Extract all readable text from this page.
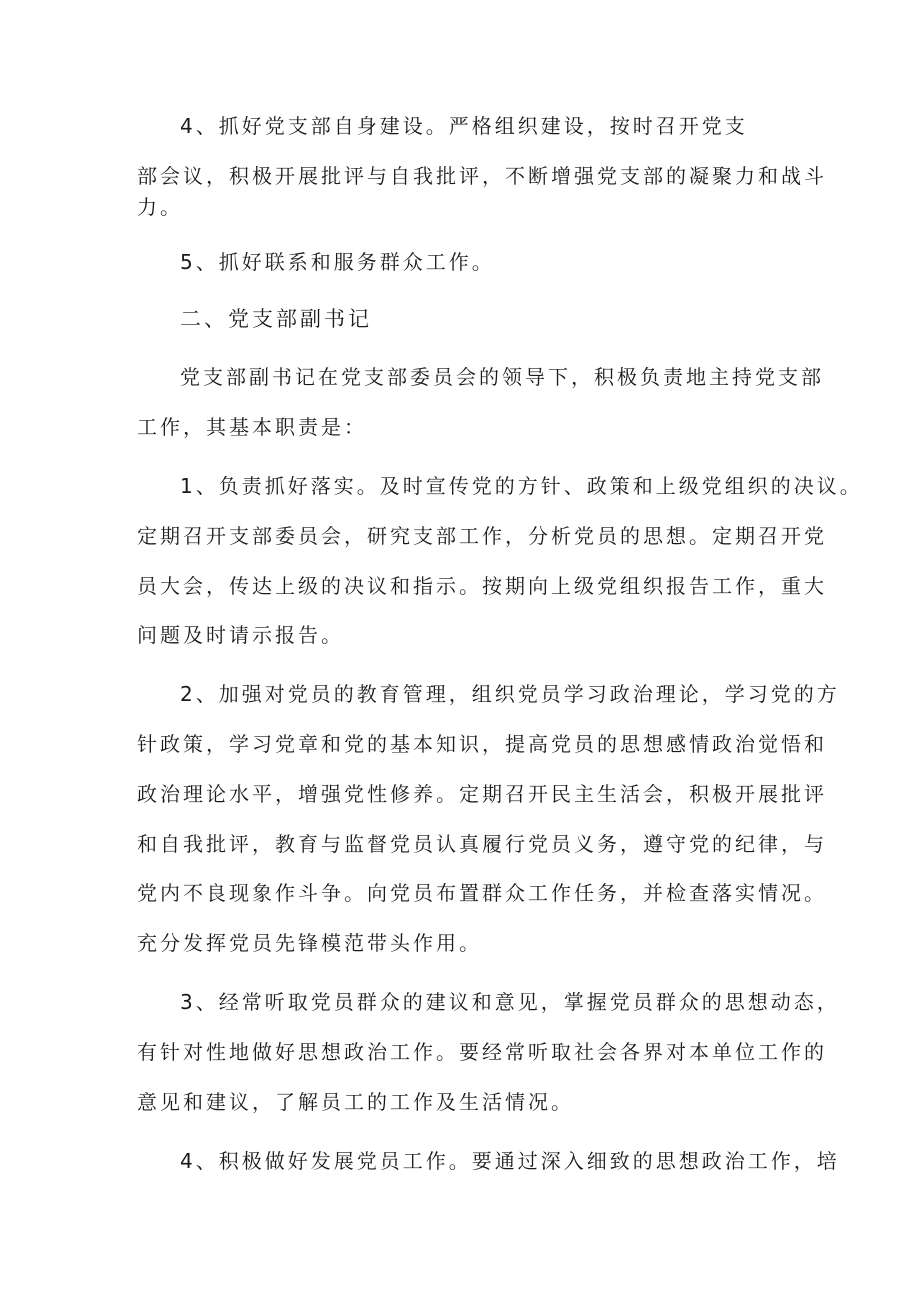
4、抓好党支部自身建设。严格组织建设，按时召开党支
部会议，积极开展批评与自我批评，不断增强党支部的凝聚力和战斗
力。
5、抓好联系和服务群众工作。
二、党支部副书记
党支部副书记在党支部委员会的领导下，积极负责地主持党支部
工作，其基本职责是：
1、负责抓好落实。及时宣传党的方针、政策和上级党组织的决议。
定期召开支部委员会，研究支部工作，分析党员的思想。定期召开党
员大会，传达上级的决议和指示。按期向上级党组织报告工作，重大
问题及时请示报告。
2、加强对党员的教育管理，组织党员学习政治理论，学习党的方
针政策，学习党章和党的基本知识，提高党员的思想感情政治觉悟和
政治理论水平，增强党性修养。定期召开民主生活会，积极开展批评
和自我批评，教育与监督党员认真履行党员义务，遵守党的纪律，与
党内不良现象作斗争。向党员布置群众工作任务，并检查落实情况。
充分发挥党员先锋模范带头作用。
3、经常听取党员群众的建议和意见，掌握党员群众的思想动态，
有针对性地做好思想政治工作。要经常听取社会各界对本单位工作的
意见和建议，了解员工的工作及生活情况。
4、积极做好发展党员工作。要通过深入细致的思想政治工作，培
